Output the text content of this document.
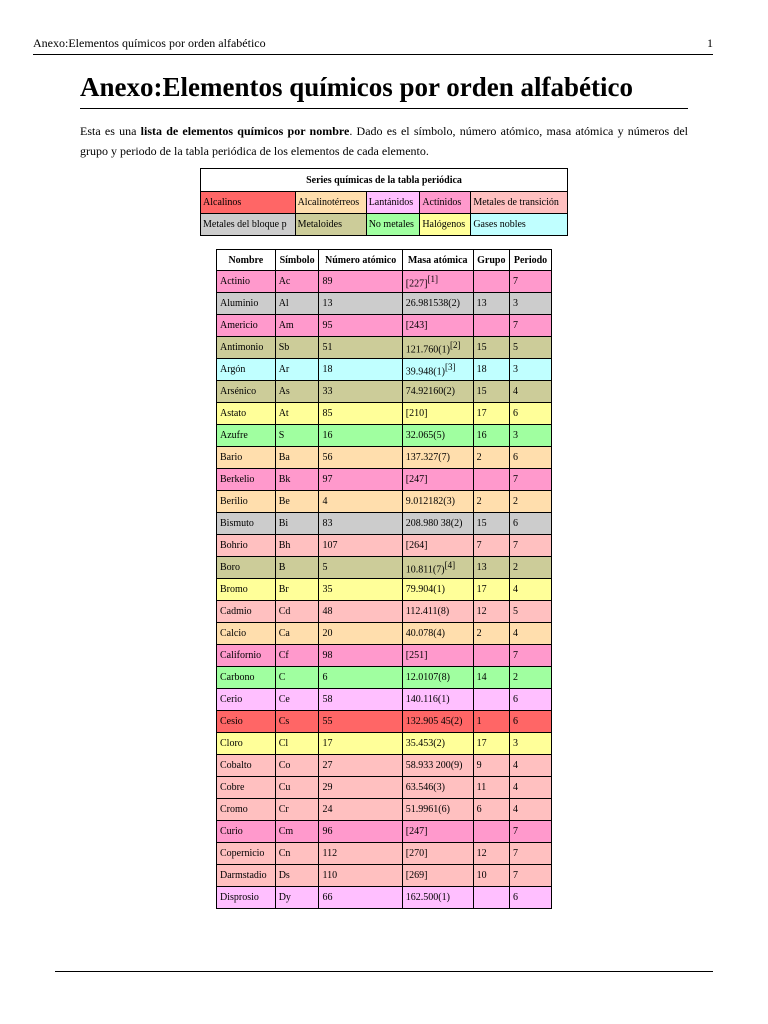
Anexo:Elementos químicos por orden alfabético	1
Anexo:Elementos químicos por orden alfabético

Esta es una lista de elementos químicos por nombre. Dado es el símbolo, número atómico, masa atómica y números del grupo y periodo de la tabla periódica de los elementos de cada elemento.

Series químicas de la tabla periódica				
Alcalinos	Alcalinotérreos	Lantánidos	Actínidos	Metales de transición
Metales del bloque p	Metaloides	No metales	Halógenos	Gases nobles
Nombre	Símbolo	Número atómico	Masa atómica	Grupo	Periodo
Actinio	Ac	89	[227][1]		7
Aluminio	Al	13	26.981538(2)	13	3
Americio	Am	95	[243]		7
Antimonio	Sb	51	121.760(1)[2]	15	5
Argón	Ar	18	39.948(1)[3]	18	3
Arsénico	As	33	74.92160(2)	15	4
Astato	At	85	[210]	17	6
Azufre	S	16	32.065(5)	16	3
Bario	Ba	56	137.327(7)	2	6
Berkelio	Bk	97	[247]		7
Berilio	Be	4	9.012182(3)	2	2
Bismuto	Bi	83	208.980 38(2)	15	6
Bohrio	Bh	107	[264]	7	7
Boro	B	5	10.811(7)[4]	13	2
Bromo	Br	35	79.904(1)	17	4
Cadmio	Cd	48	112.411(8)	12	5
Calcio	Ca	20	40.078(4)	2	4
Californio	Cf	98	[251]		7
Carbono	C	6	12.0107(8)	14	2
Cerio	Ce	58	140.116(1)		6
Cesio	Cs	55	132.905 45(2)	1	6
Cloro	Cl	17	35.453(2)	17	3
Cobalto	Co	27	58.933 200(9)	9	4
Cobre	Cu	29	63.546(3)	11	4
Cromo	Cr	24	51.9961(6)	6	4
Curio	Cm	96	[247]		7
Copernicio	Cn	112	[270]	12	7
Darmstadio	Ds	110	[269]	10	7
Disprosio	Dy	66	162.500(1)		6
